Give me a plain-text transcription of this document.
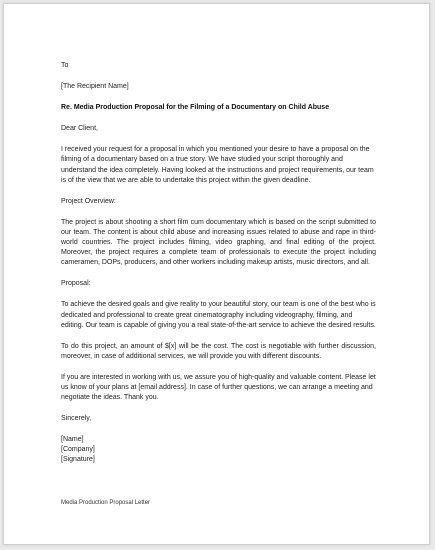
To

[The Recipient Name]

Re. Media Production Proposal for the Filming of a Documentary on Child Abuse

Dear Client,

I received your request for a proposal in which you mentioned your desire to have a proposal on the filming of a documentary based on a true story. We have studied your script thoroughly and understand the idea completely. Having looked at the instructions and project requirements, our team is of the view that we are able to undertake this project within the given deadline.

Project Overview:

The project is about shooting a short film cum documentary which is based on the script submitted to our team. The content is about child abuse and increasing issues related to abuse and rape in third-world countries. The project includes filming, video graphing, and final editing of the project. Moreover, the project requires a complete team of professionals to execute the project including cameramen, DOPs, producers, and other workers including makeup artists, music directors, and all.

Proposal:

To achieve the desired goals and give reality to your beautiful story, our team is one of the best who is dedicated and professional to create great cinematography including videography, filming, and editing. Our team is capable of giving you a real state-of-the-art service to achieve the desired results.

To do this project, an amount of $[x] will be the cost. The cost is negotiable with further discussion, moreover, in case of additional services, we will provide you with different discounts.

If you are interested in working with us, we assure you of high-quality and valuable content. Please let us know of your plans at [email address]. In case of further questions, we can arrange a meeting and negotiate the ideas. Thank you.

Sincerely,

[Name]

[Company]

[Signature]

Media Production Proposal Letter
